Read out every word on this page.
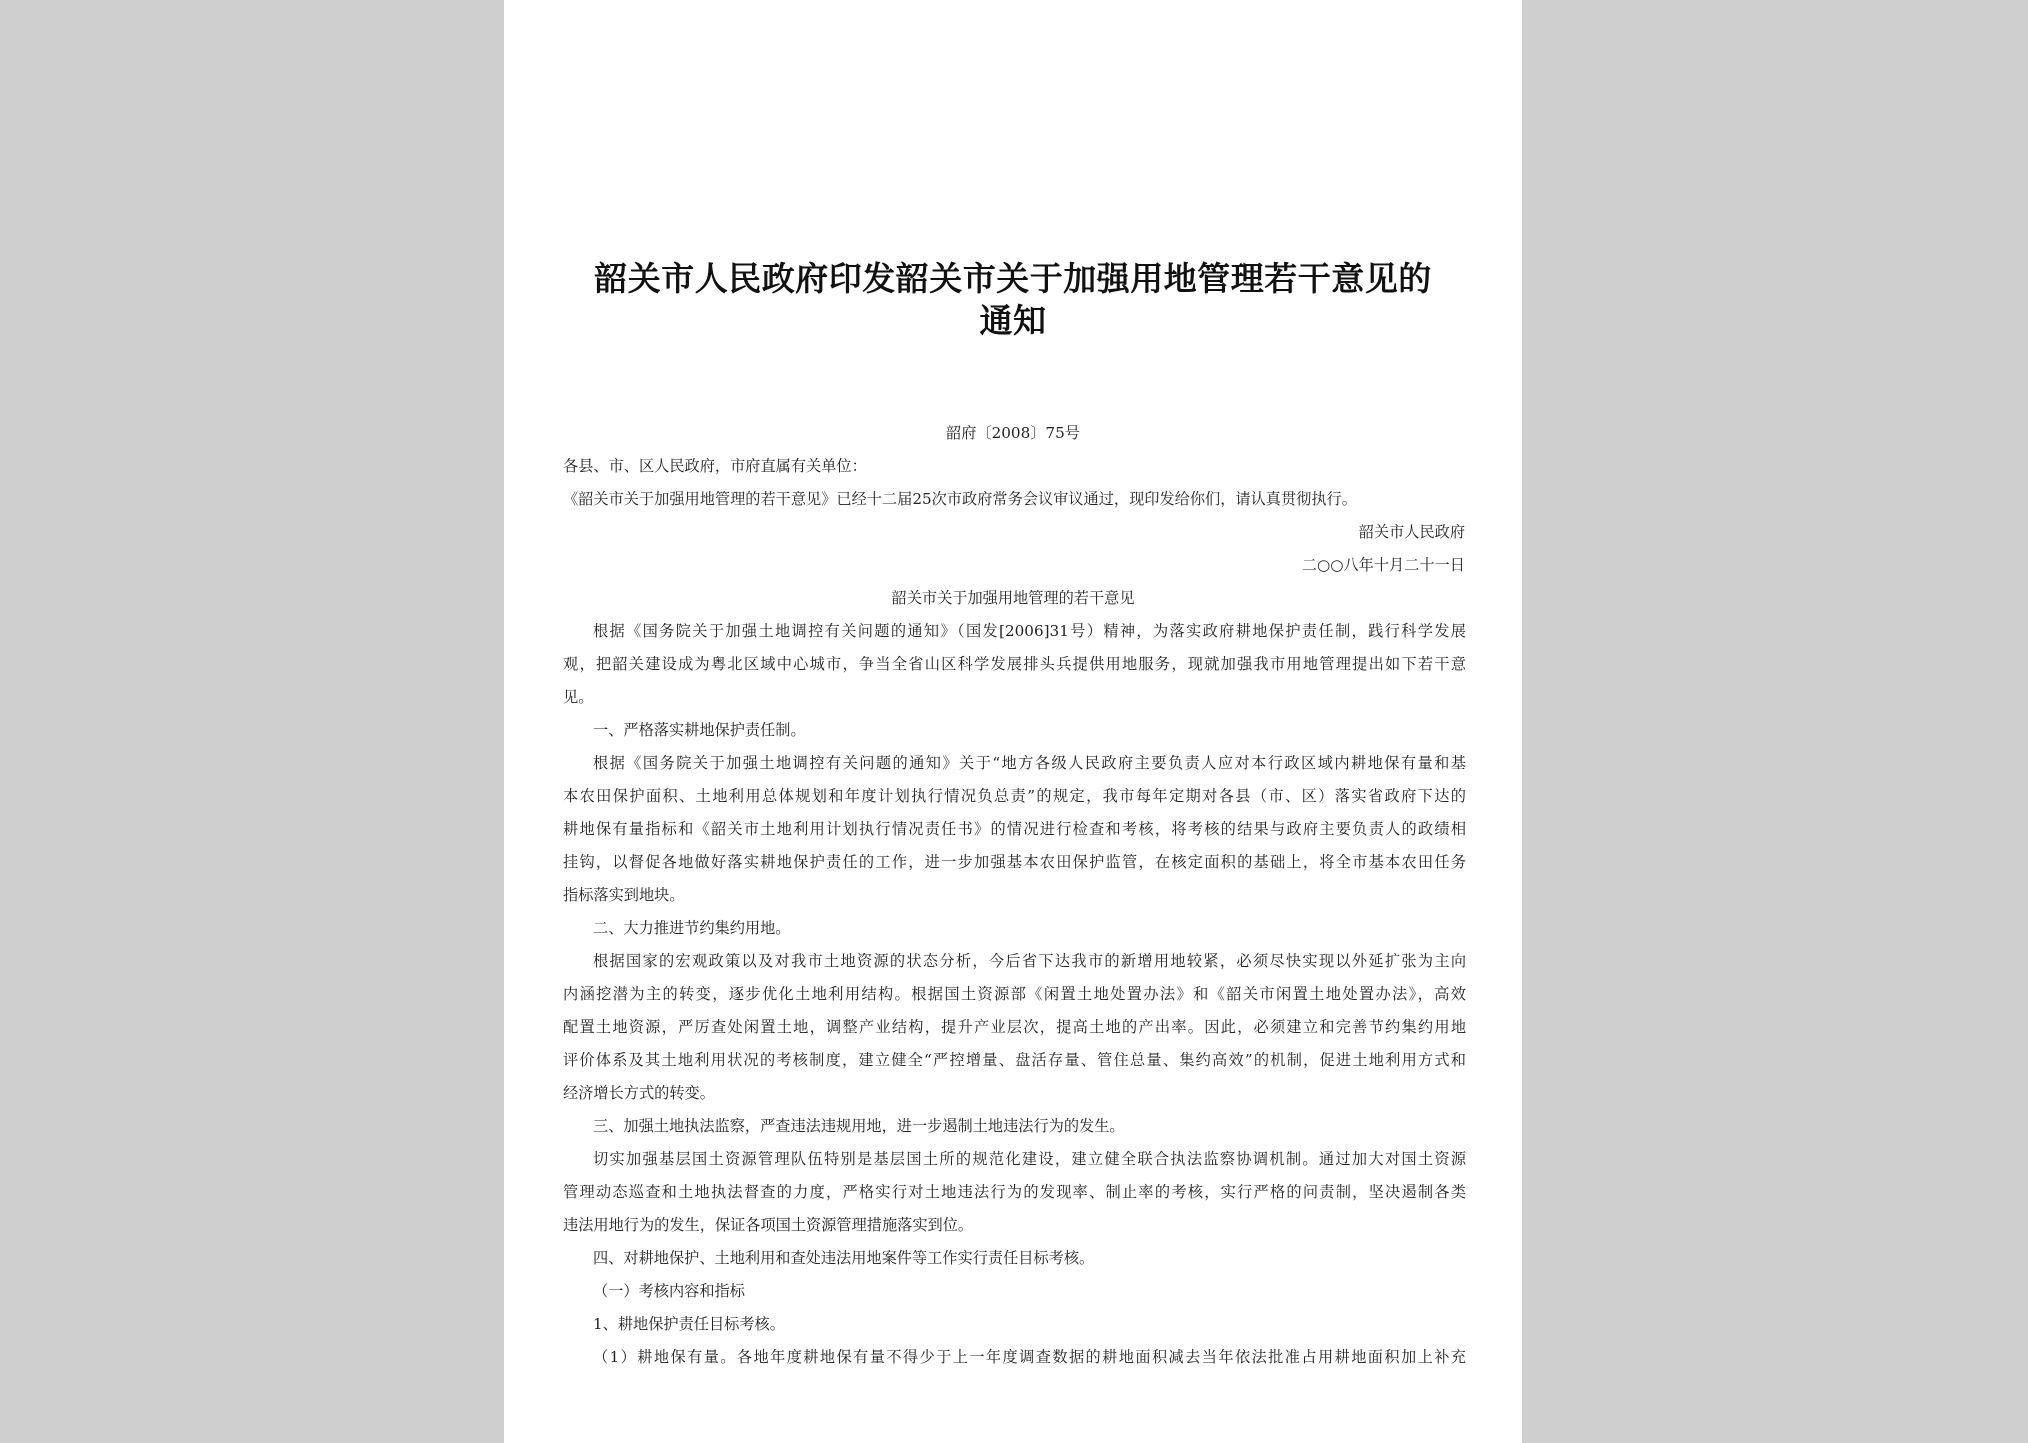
韶关市人民政府印发韶关市关于加强用地管理若干意见的通知
韶府〔2008〕75号
各县、市、区人民政府，市府直属有关单位：
《韶关市关于加强用地管理的若干意见》已经十二届25次市政府常务会议审议通过，现印发给你们，请认真贯彻执行。
韶关市人民政府
二○○八年十月二十一日
韶关市关于加强用地管理的若干意见
根据《国务院关于加强土地调控有关问题的通知》（国发[2006]31号）精神，为落实政府耕地保护责任制，践行科学发展
观，把韶关建设成为粤北区域中心城市，争当全省山区科学发展排头兵提供用地服务，现就加强我市用地管理提出如下若干意
见。
一、严格落实耕地保护责任制。
根据《国务院关于加强土地调控有关问题的通知》关于“地方各级人民政府主要负责人应对本行政区域内耕地保有量和基
本农田保护面积、土地利用总体规划和年度计划执行情况负总责”的规定，我市每年定期对各县（市、区）落实省政府下达的
耕地保有量指标和《韶关市土地利用计划执行情况责任书》的情况进行检查和考核，将考核的结果与政府主要负责人的政绩相
挂钩，以督促各地做好落实耕地保护责任的工作，进一步加强基本农田保护监管，在核定面积的基础上，将全市基本农田任务
指标落实到地块。
二、大力推进节约集约用地。
根据国家的宏观政策以及对我市土地资源的状态分析，今后省下达我市的新增用地较紧，必须尽快实现以外延扩张为主向
内涵挖潜为主的转变，逐步优化土地利用结构。根据国土资源部《闲置土地处置办法》和《韶关市闲置土地处置办法》，高效
配置土地资源，严厉查处闲置土地，调整产业结构，提升产业层次，提高土地的产出率。因此，必须建立和完善节约集约用地
评价体系及其土地利用状况的考核制度，建立健全“严控增量、盘活存量、管住总量、集约高效”的机制，促进土地利用方式和
经济增长方式的转变。
三、加强土地执法监察，严查违法违规用地，进一步遏制土地违法行为的发生。
切实加强基层国土资源管理队伍特别是基层国土所的规范化建设，建立健全联合执法监察协调机制。通过加大对国土资源
管理动态巡查和土地执法督查的力度，严格实行对土地违法行为的发现率、制止率的考核，实行严格的问责制，坚决遏制各类
违法用地行为的发生，保证各项国土资源管理措施落实到位。
四、对耕地保护、土地利用和查处违法用地案件等工作实行责任目标考核。
（一）考核内容和指标
1、耕地保护责任目标考核。
（1）耕地保有量。各地年度耕地保有量不得少于上一年度调查数据的耕地面积减去当年依法批准占用耕地面积加上补充
